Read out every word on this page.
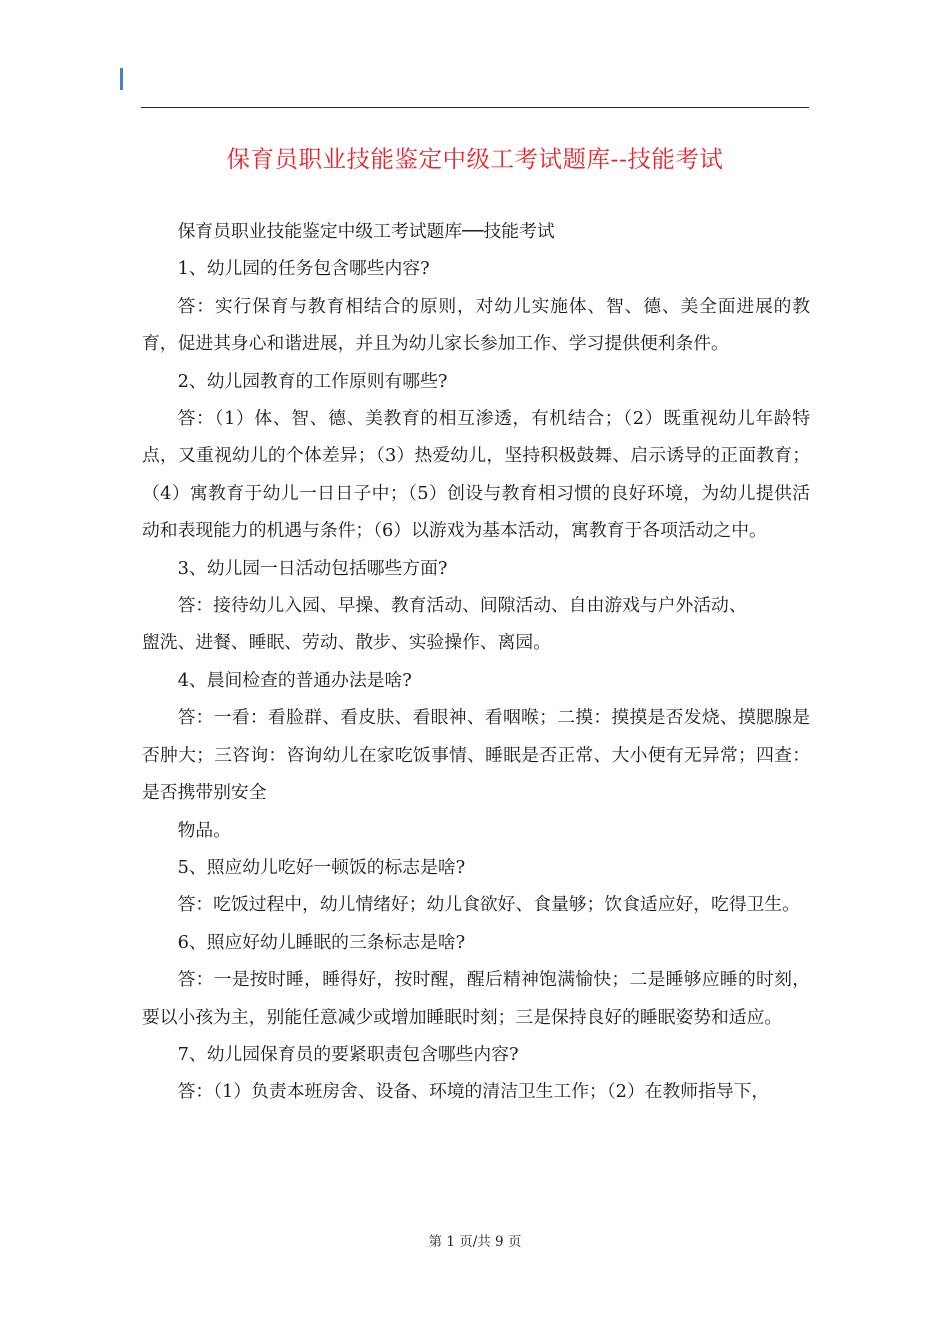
保育员职业技能鉴定中级工考试题库--技能考试

保育员职业技能鉴定中级工考试题库──技能考试

1、幼儿园的任务包含哪些内容?

答：实行保育与教育相结合的原则，对幼儿实施体、智、德、美全面进展的教育，促进其身心和谐进展，并且为幼儿家长参加工作、学习提供便利条件。

2、幼儿园教育的工作原则有哪些?

答：（1）体、智、德、美教育的相互渗透，有机结合；（2）既重视幼儿年龄特点，又重视幼儿的个体差异；（3）热爱幼儿，坚持积极鼓舞、启示诱导的正面教育；（4）寓教育于幼儿一日日子中；（5）创设与教育相习惯的良好环境，为幼儿提供活动和表现能力的机遇与条件；（6）以游戏为基本活动，寓教育于各项活动之中。

3、幼儿园一日活动包括哪些方面?

答：接待幼儿入园、早操、教育活动、间隙活动、自由游戏与户外活动、

盥洗、进餐、睡眠、劳动、散步、实验操作、离园。

4、晨间检查的普通办法是啥?

答：一看：看脸群、看皮肤、看眼神、看咽喉；二摸：摸摸是否发烧、摸腮腺是否肿大；三咨询：咨询幼儿在家吃饭事情、睡眠是否正常、大小便有无异常；四查：是否携带别安全

物品。

5、照应幼儿吃好一顿饭的标志是啥?

答：吃饭过程中，幼儿情绪好；幼儿食欲好、食量够；饮食适应好，吃得卫生。

6、照应好幼儿睡眠的三条标志是啥?

答：一是按时睡，睡得好，按时醒，醒后精神饱满愉快；二是睡够应睡的时刻，要以小孩为主，别能任意减少或增加睡眠时刻；三是保持良好的睡眠姿势和适应。

7、幼儿园保育员的要紧职责包含哪些内容?

答：（1）负责本班房舍、设备、环境的清洁卫生工作；（2）在教师指导下，

第 1 页/共 9 页
